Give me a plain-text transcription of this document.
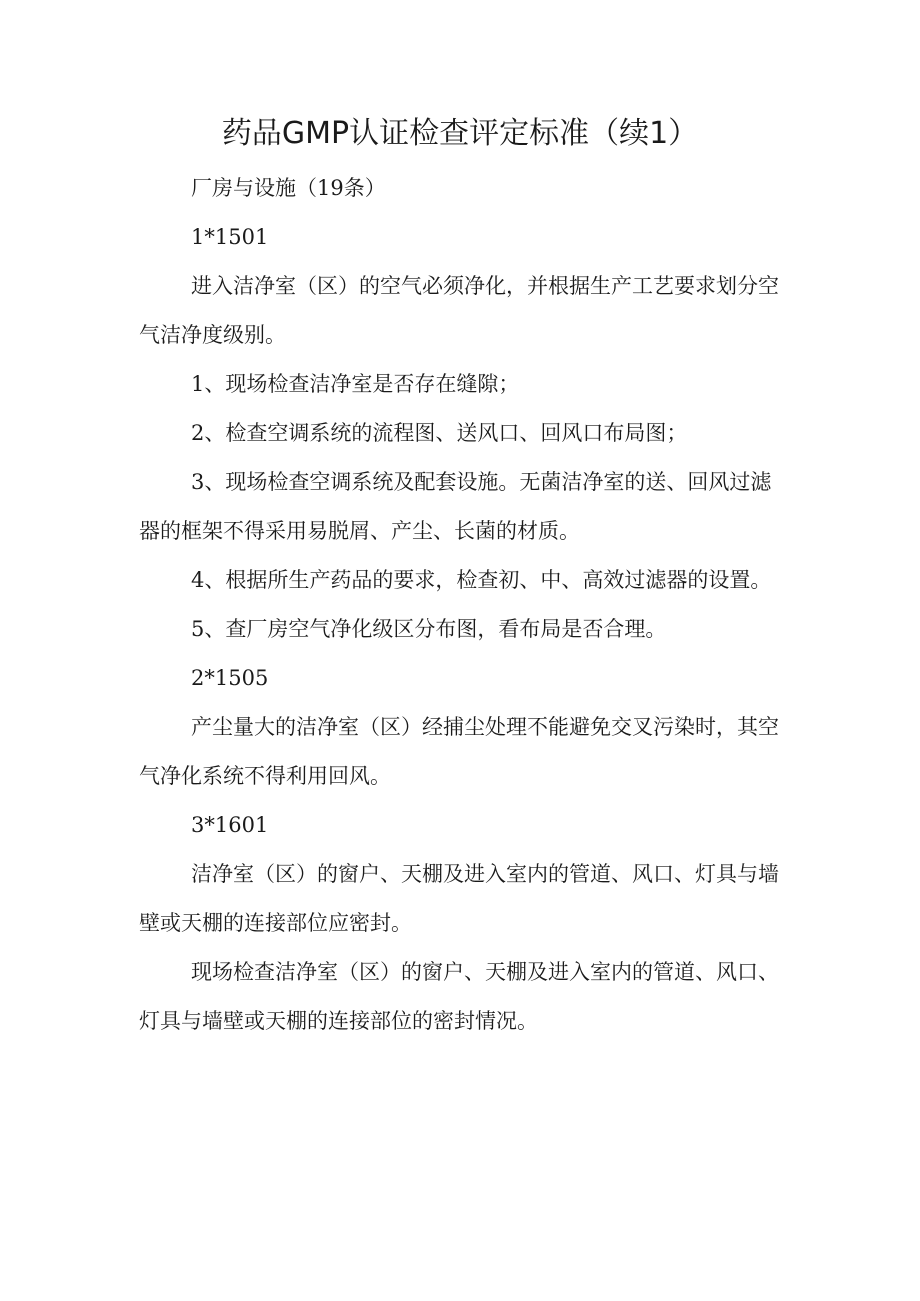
药品GMP认证检查评定标准（续1）

厂房与设施（19条）

1*1501

进入洁净室（区）的空气必须净化，并根据生产工艺要求划分空气洁净度级别。

1、现场检查洁净室是否存在缝隙；

2、检查空调系统的流程图、送风口、回风口布局图；

3、现场检查空调系统及配套设施。无菌洁净室的送、回风过滤器的框架不得采用易脱屑、产尘、长菌的材质。

4、根据所生产药品的要求，检查初、中、高效过滤器的设置。

5、查厂房空气净化级区分布图，看布局是否合理。

2*1505

产尘量大的洁净室（区）经捕尘处理不能避免交叉污染时，其空气净化系统不得利用回风。

3*1601

洁净室（区）的窗户、天棚及进入室内的管道、风口、灯具与墙壁或天棚的连接部位应密封。

现场检查洁净室（区）的窗户、天棚及进入室内的管道、风口、灯具与墙壁或天棚的连接部位的密封情况。
